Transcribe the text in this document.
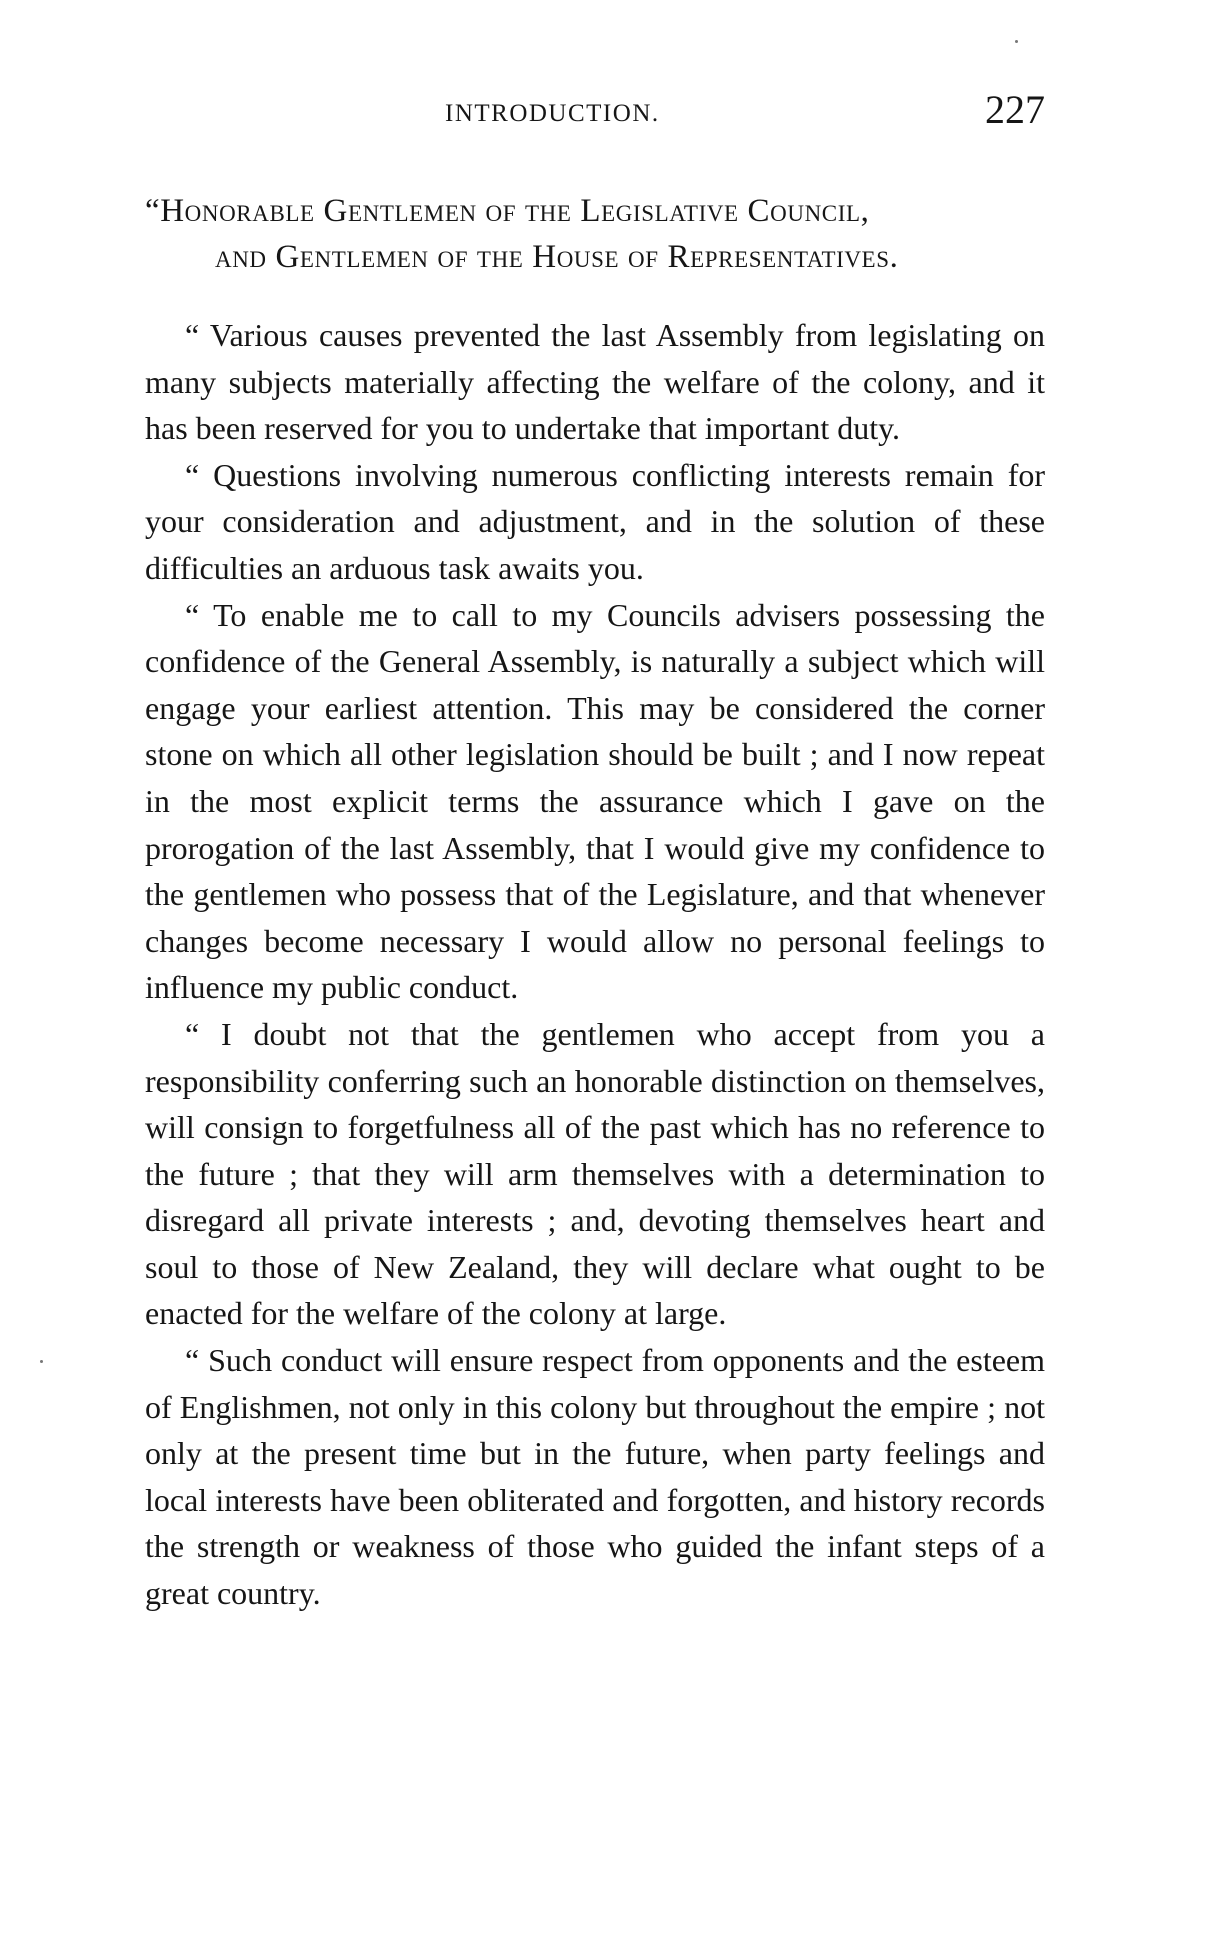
INTRODUCTION.	227
“Honorable Gentlemen of the Legislative Council,
and Gentlemen of the House of Representatives.

“ Various causes prevented the last Assembly from legislating on many subjects materially affecting the welfare of the colony, and it has been reserved for you to undertake that important duty.

“ Questions involving numerous conflicting interests remain for your consideration and adjustment, and in the solution of these difficulties an arduous task awaits you.

“ To enable me to call to my Councils advisers possessing the confidence of the General Assembly, is naturally a subject which will engage your earliest attention. This may be considered the corner stone on which all other legislation should be built ; and I now repeat in the most explicit terms the assurance which I gave on the prorogation of the last Assembly, that I would give my confidence to the gentlemen who possess that of the Legislature, and that whenever changes become necessary I would allow no personal feelings to influence my public conduct.

“ I doubt not that the gentlemen who accept from you a responsibility conferring such an honorable distinction on themselves, will consign to forgetfulness all of the past which has no reference to the future ; that they will arm themselves with a determination to disregard all private interests ; and, devoting themselves heart and soul to those of New Zealand, they will declare what ought to be enacted for the welfare of the colony at large.

“ Such conduct will ensure respect from opponents and the esteem of Englishmen, not only in this colony but throughout the empire ; not only at the present time but in the future, when party feelings and local interests have been obliterated and forgotten, and history records the strength or weakness of those who guided the infant steps of a great country.
